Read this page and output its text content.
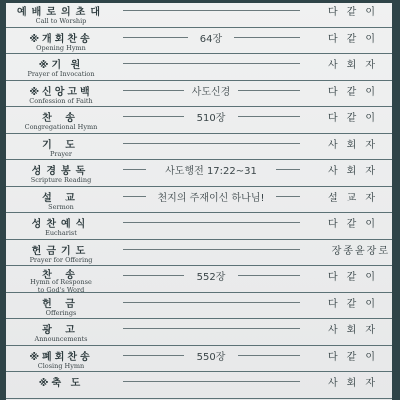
예배로의초대
Call to Worship
다같이
※개회찬송
Opening Hymn
64장	다같이
※기 원
Prayer of Invocation
사회자
※신앙고백
Confession of Faith
사도신경	다같이
찬 송
Congregational Hymn
510장	다같이
기 도
Prayer
사회자
성경봉독
Scripture Reading
사도행전 17:22~31	사회자
설 교
Sermon
천지의 주재이신 하나님!	설교자
성찬예식
Eucharist
다같이
헌금기도
Prayer for Offering
장종윤장로
찬 송
Hymn of Response
to God's Word
552장	다같이
헌 금
Offerings
다같이
광 고
Announcements
사회자
※폐회찬송
Closing Hymn
550장	다같이
※축 도	사회자
